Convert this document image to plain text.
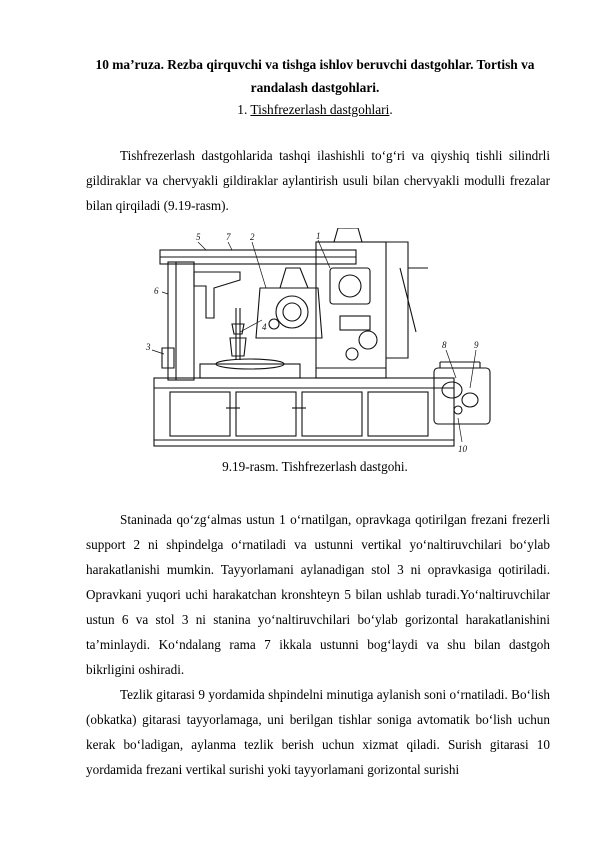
10 ma’ruza. Rezba qirquvchi va tishga ishlov beruvchi dastgohlar. Tortish va randalash dastgohlari.
1. Tishfrezerlash dastgohlari.

Tishfrezerlash dastgohlarida tashqi ilashishli to‘g‘ri va qiyshiq tishli silindrli gildiraklar va chervyakli gildiraklar aylantirish usuli bilan chervyakli modulli frezalar bilan qirqiladi (9.19-rasm).

1
2
3
4
5
6
7
8	9
10
9.19-rasm. Tishfrezerlash dastgohi.

Staninada qo‘zg‘almas ustun 1 o‘rnatilgan, opravkaga qotirilgan frezani frezerli support 2 ni shpindelga o‘rnatiladi va ustunni vertikal yo‘naltiruvchilari bo‘ylab harakatlanishi mumkin. Tayyorlamani aylanadigan stol 3 ni opravkasiga qotiriladi. Opravkani yuqori uchi harakatchan kronshteyn 5 bilan ushlab turadi.Yo‘naltiruvchilar ustun 6 va stol 3 ni stanina yo‘naltiruvchilari bo‘ylab gorizontal harakatlanishini ta’minlaydi. Ko‘ndalang rama 7 ikkala ustunni bog‘laydi va shu bilan dastgoh bikrligini oshiradi.

Tezlik gitarasi 9 yordamida shpindelni minutiga aylanish soni o‘rnatiladi. Bo‘lish (obkatka) gitarasi tayyorlamaga, uni berilgan tishlar soniga avtomatik bo‘lish uchun kerak bo‘ladigan, aylanma tezlik berish uchun xizmat qiladi. Surish gitarasi 10 yordamida frezani vertikal surishi yoki tayyorlamani gorizontal surishi
